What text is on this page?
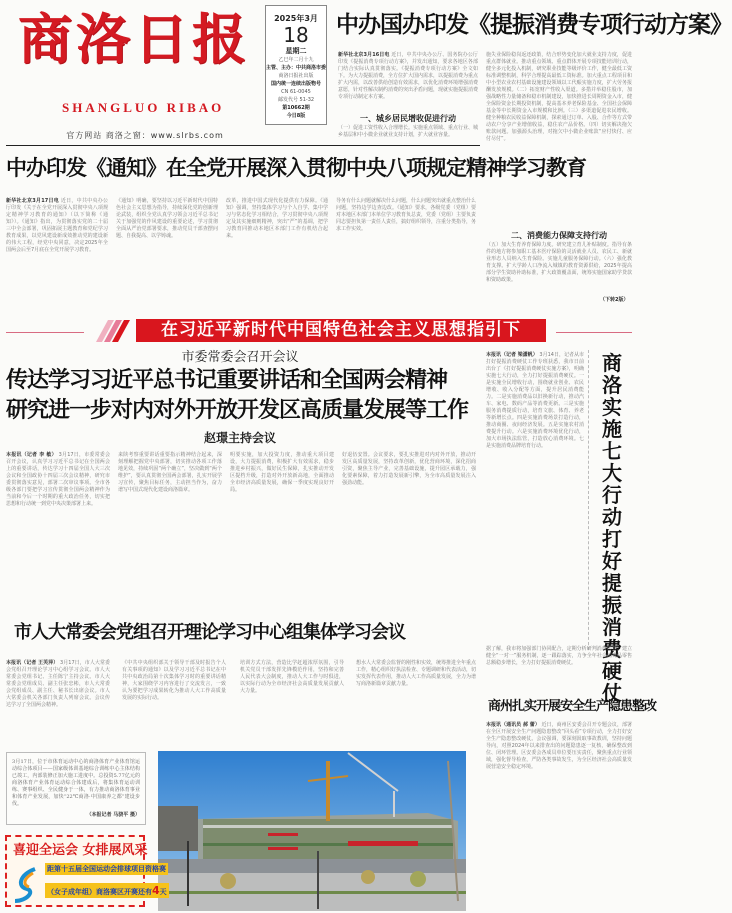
商洛日报
SHANGLUO RIBAO
官方网站 商洛之窗：www.slrbs.com
2025年3月
18
星期二
乙巳年二月十九
主管、主办：中共商洛市委
商洛日报社出版
国内统一连续出版物号
CN 61-0045
邮发代号 51-32
第10662期
今日8版
中办国办印发《提振消费专项行动方案》
新华社北京3月16日电 近日，中共中央办公厅、国务院办公厅印发《提振消费专项行动方案》，并发出通知，要求各地区各部门结合实际认真贯彻落实。《提振消费专项行动方案》全文如下。为大力提振消费，全方位扩大国内需求，以提振消费为重点扩大内需，以改善供给创造有效需求，以优化消费环境增强消费意愿，针对性解决制约消费的突出矛盾问题，现就实施提振消费专项行动制定本方案。
一、城乡居民增收促进行动
（一）促进工资性收入合理增长。实施重点领域、重点行业、城乡基层和中小微企业就业支持计划，扩大就业容量。
施失业保险稳岗返还政策，结合形势变化加大就业支持力度，促进重点群体就业。推动重点领域、重点群体开展专项技能培训行动，健全多元化投入机制，研究职业技能等级评价工作，健全最低工资标准调整机制，科学合理提高最低工资标准。加大重点工程项目和中小型农业农村基础设施建设领域以工代赈实施力度，扩大劳务报酬发放规模。（二）拓宽财产性收入渠道。多措并举稳住股市，加强战略性力量储备和稳市机制建设，加快推进长周期资金入市，健全保险资金长期投资机制，提高基本养老保险基金、全国社会保障基金等中长期资金入市规模和比例。（三）多渠道促进农民增收。健全种粮农民收益保障机制，探索通过订单、入股、合作等方式带动农户分享产业增值收益，稳住农产品价格。（四）切实解决拖欠账款问题。加强源头治理，对拖欠中小微企业账款“应付快付、应付尽付”。
二、消费能力保障支持行动
（五）加大生育养育保障力度。研究建立育儿补贴制度。指导有条件的地方将参加职工基本医疗保险的灵活就业人员、农民工、新就业形态人员纳入生育保险。实施儿童服务保障行动。（六）强化教育支撑。扩大学龄人口净流入城镇的教育资源供给，2025年提高部分学生资助补助标准，扩大政策覆盖面，统筹实施国家助学贷款和资助政策。
（下转2版）
中办印发《通知》在全党开展深入贯彻中央八项规定精神学习教育
新华社北京3月17日电 近日，中共中央办公厅印发《关于在全党开展深入贯彻中央八项规定精神学习教育的通知》（以下简称《通知》）。《通知》指出，为贯彻落实党的二十届三中全会部署，巩固拓展主题教育和党纪学习教育成果，以党风建设新成效推动党的建设新的伟大工程，经党中央同意，决定2025年全国两会后至7月底在全党开展学习教育。
《通知》明确，要坚持以习近平新时代中国特色社会主义思想为指导，持续深化党的创新理论武装，组织全党认真学习领会习近平总书记关于加强党的作风建设的重要论述，学习贯彻全面从严治党部署要求，推动党员干部查摆问题、自我提高、以学铸魂。
改革，推进中国式现代化提供有力保障。《通知》强调，坚持集体学习与个人自学、集中学习与常态化学习相结合，学习贯彻中央八项规定及其实施细则精神，突出“严”的基调，把学习教育同推动本地区本部门工作有机结合起来。
导务有什么问题就解决什么问题，什么问题突出就重点整治什么问题，坚持边学边查边改。《通知》要求，各级党委（党组）要对本地区本部门本单位学习教育负总责，党委（党组）主要负责同志要担负第一责任人责任，搞好组织领导，注重分类指导，务求工作实效。
在习近平新时代中国特色社会主义思想指引下
市委常委会召开会议
传达学习习近平总书记重要讲话和全国两会精神
研究进一步对内对外开放开发区高质量发展等工作
赵璟主持会议
本报讯（记者 李 敏） 3月17日，市委常委会召开会议，认真学习习近平总书记在全国两会上的重要讲话，传达学习十四届全国人大三次会议和全国政协十四届三次会议精神，研究市委贯彻落实意见，部署二次审议事项。全市各级各部门要把学习宣传贯彻全国两会精神作为当前和今后一个时期的重大政治任务，切实把思想和行动统一到党中央决策部署上来。
来陕考察重要讲话重要指示精神结合起来，深刻理解把握党中央部署，切实推动各项工作落地见效，持续巩固“两个确立”，坚决做到“两个维护”，要认真贯彻全国两会部署，扎实开展学习宣传，聚焦目标任务，主动担当作为，奋力谱写中国式现代化建设商洛篇章。
明要实施，加大投资力度，推动重大项目建设，大力提振消费，积极扩大有效需求，稳步推进乡村振兴，做好民生保障，扎实推动开发区提档升级，打造对外开放新高地，全面推动全市经济高质量发展，确保一季度实现良好开局。
好退伍安置。会议要求，要扎实推进对内对外开放，推动开发区高质量发展，坚持改革创新，优化营商环境，深化招商引资，聚焦主导产业，完善基础设施，提升园区承载力，强化要素保障，着力打造发展新引擎，为全市高质量发展注入强劲动能。
本报讯（记者 梁潇帆） 3月14日，记者从市打好提振消费硬仗工作专班获悉，我市日前出台了《打好提振消费硬仗实施方案》，明确实施七大行动，全力打好提振消费硬仗。一是实施全民增收行动，围绕就业创业、农民增收、收入分配等方面，提升居民消费能力。二是实施消费品以旧换新行动，推动汽车、家电、数码产品等消费更新。三是实施服务消费提质行动，培育文旅、体育、养老等新增长点。四是实施消费场景打造行动，推动商圈、夜间经济发展。五是实施农村消费提升行动。六是实施消费环境优化行动，加大市场执法监管，打造放心消费环境。七是实施消费品牌培育行动。
商洛实施七大行动打好提振消费硬仗
据了解，我市将加强部门协同配合，定期分析研判消费形势，建立健全“一对一”服务机制，逐一跟踪落实，力争全年社会消费品零售总额稳步增长，全力打好提振消费硬仗。
商州扎实开展安全生产隐患整改
本报讯（通讯员 郝 蕾） 近日，商州区安委会召开专题会议，部署在全区开展安全生产问题隐患整改“回头看”专项行动，全力打好安全生产隐患整改硬仗。会议强调，要深刻汲取事故教训，坚持问题导向，对照2024年以来排查出的问题隐患逐一复核，确保整改到位、闭环管理。区安委会各成员单位要压实责任，聚焦重点行业领域，强化督导检查，严防各类事故发生，为全区经济社会高质量发展营造安全稳定环境。
市人大常委会党组召开理论学习中心组集体学习会议
本报讯（记者 王芙萍） 3月17日，市人大常委会党组召开理论学习中心组学习会议。市人大常委会党组书记、主任陈宁主持会议。市人大常委会党组成员、副主任张忠彬，市人大常委会党组成员、副主任、秘书长出席会议。市人大常委会机关各部门负责人列席会议。会议传达学习了全国两会精神。
《中共中央组织部关于领导干部及时报告个人有关事项的通知》以及学习习近平总书记在中共中央政治局第十次集体学习时的重要讲话精神，大家围绕学习内容进行了交流发言，一致认为要把学习成果转化为推动人大工作高质量发展的实际行动。
培训方式方法，营造比学赶超浓厚氛围，引导机关党员干部发挥先锋模范作用，坚持和完善人民代表大会制度，推动人大工作与时俱进，以实际行动为全市经济社会高质量发展贡献人大力量。
想水人大常委会监督的刚性和实效，统筹推进全年重点工作，精心组织好执法检查、专题调研和代表活动，切实发挥代表作用，推动人大工作高质量发展，全力为谱写商洛新篇章贡献力量。
3月17日，位于市体育运动中心的商洛体育产业体育馆运动综合体项目——国家级体训基地综合训练中心主体结构已竣工，内部装修正加大施工进度中。总投资5.77亿元的商洛体育产业体育运动综合体建成后，将集体育运动训练、赛事组织、全民健身于一体，有力推动商洛体育事业和体育产业发展，加快“22℃商洛·中国康养之都”建设步伐。
（本报记者 马骁平 摄）
喜迎全运会 女排展风采
距第十五届全国运动会排球项目资格赛
（女子成年组）商洛赛区开赛还有4天
